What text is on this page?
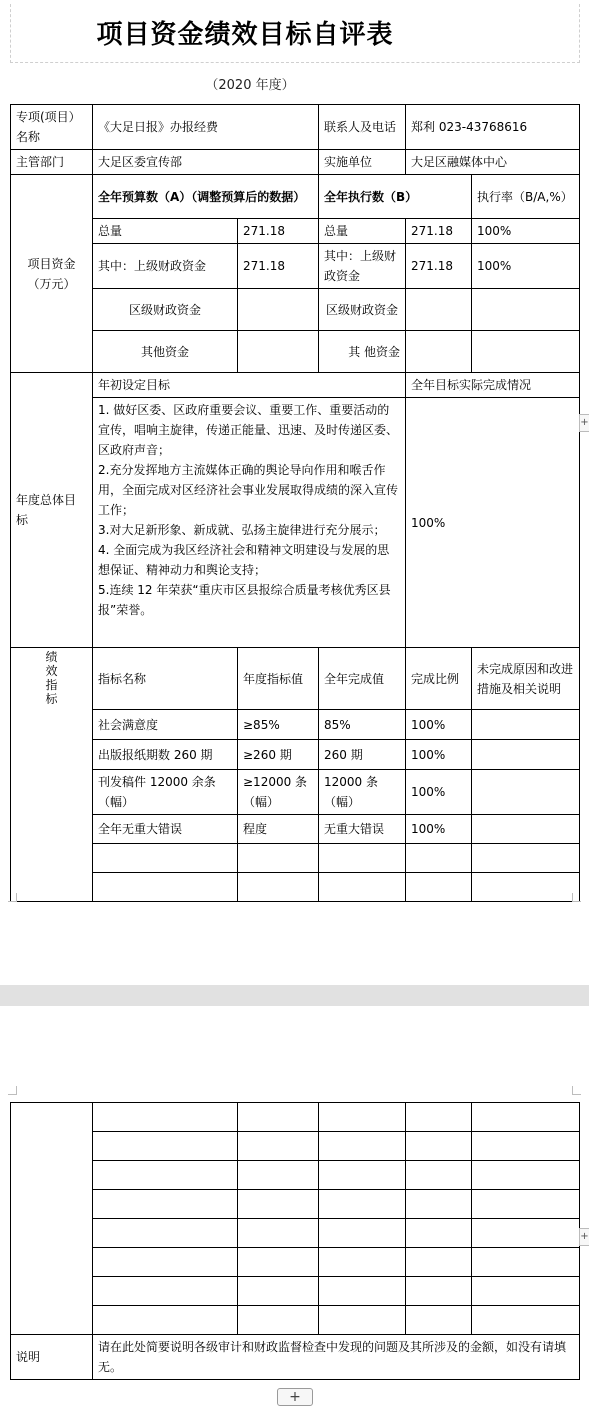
项目资金绩效目标自评表
（2020 年度）
专项(项目）名称	《大足日报》办报经费		联系人及电话	郑利 023-43768616	
主管部门	大足区委宣传部		实施单位	大足区融媒体中心	
项目资金（万元）	全年预算数（A）（调整预算后的数据）		全年执行数（B）		执行率（B/A,%）
	总量	271.18	总量	271.18	100%
	其中：上级财政资金	271.18	其中：上级财政资金	271.18	100%
	区级财政资金		区级财政资金		
	其他资金		其 他资金		
年度总体目标	年初设定目标			全年目标实际完成情况	

	1. 做好区委、区政府重要会议、重要工作、重要活动的宣传，唱响主旋律，传递正能量、迅速、及时传递区委、区政府声音；
2.充分发挥地方主流媒体正确的舆论导向作用和喉舌作用，全面完成对区经济社会事业发展取得成绩的深入宣传工作；
3.对大足新形象、新成就、弘扬主旋律进行充分展示；
4. 全面完成为我区经济社会和精神文明建设与发展的思想保证、精神动力和舆论支持；
5.连续 12 年荣获“重庆市区县报综合质量考核优秀区县报”荣誉。			100%	

绩效指标	指标名称	年度指标值	全年完成值	完成比例	未完成原因和改进措施及相关说明
	社会满意度	≥85%	85%	100%	
	出版报纸期数 260 期	≥260 期	260 期	100%	
	刊发稿件 12000 余条（幅）	≥12000 条（幅）	12000 条（幅）	100%	
	全年无重大错误	程度	无重大错误	100%	

+

说明	请在此处简要说明各级审计和财政监督检查中发现的问题及其所涉及的金额，如没有请填无。				
+
+
